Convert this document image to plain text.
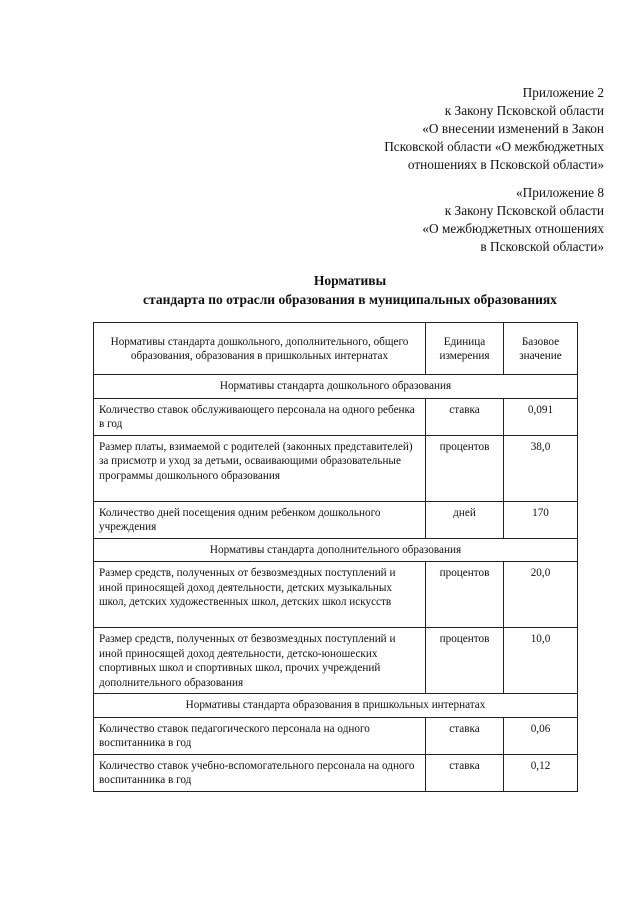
Приложение 2
к Закону Псковской области
«О внесении изменений в Закон
Псковской области «О межбюджетных
отношениях в Псковской области»
«Приложение 8
к Закону Псковской области
«О межбюджетных отношениях
в Псковской области»
Нормативы
стандарта по отрасли образования в муниципальных образованиях
Нормативы стандарта дошкольного, дополнительного, общего образования, образования в пришкольных интернатах	Единица измерения	Базовое значение
Нормативы стандарта дошкольного образования		
Количество ставок обслуживающего персонала на одного ребенка в год	ставка	0,091
Размер платы, взимаемой с родителей (законных представителей) за присмотр и уход за детьми, осваивающими образовательные программы дошкольного образования	процентов	38,0
Количество дней посещения одним ребенком дошкольного учреждения	дней	170
Нормативы стандарта дополнительного образования		
Размер средств, полученных от безвозмездных поступлений и иной приносящей доход деятельности, детских музыкальных школ, детских художественных школ, детских школ искусств	процентов	20,0
Размер средств, полученных от безвозмездных поступлений и иной приносящей доход деятельности, детско-юношеских спортивных школ и спортивных школ, прочих учреждений дополнительного образования	процентов	10,0
Нормативы стандарта образования в пришкольных интернатах		
Количество ставок педагогического персонала на одного воспитанника в год	ставка	0,06
Количество ставок учебно-вспомогательного персонала на одного воспитанника в год	ставка	0,12
